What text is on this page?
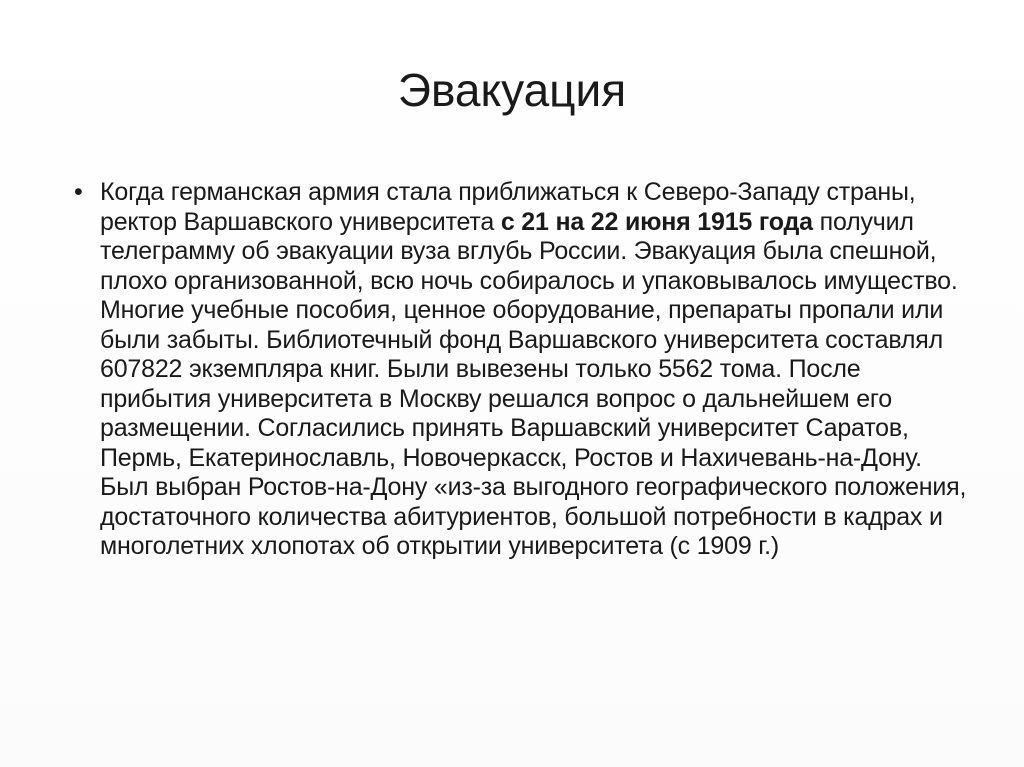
Эвакуация
• Когда германская армия стала приближаться к Северо-Западу страны, ректор Варшавского университета с 21 на 22 июня 1915 года получил телеграмму об эвакуации вуза вглубь России. Эвакуация была спешной, плохо организованной, всю ночь собиралось и упаковывалось имущество. Многие учебные пособия, ценное оборудование, препараты пропали или были забыты. Библиотечный фонд Варшавского университета составлял 607822 экземпляра книг. Были вывезены только 5562 тома. После прибытия университета в Москву решался вопрос о дальнейшем его размещении. Согласились принять Варшавский университет Саратов, Пермь, Екатеринославль, Новочеркасск, Ростов и Нахичевань-на-Дону. Был выбран Ростов-на-Дону «из-за выгодного географического положения, достаточного количества абитуриентов, большой потребности в кадрах и многолетних хлопотах об открытии университета (с 1909 г.)
